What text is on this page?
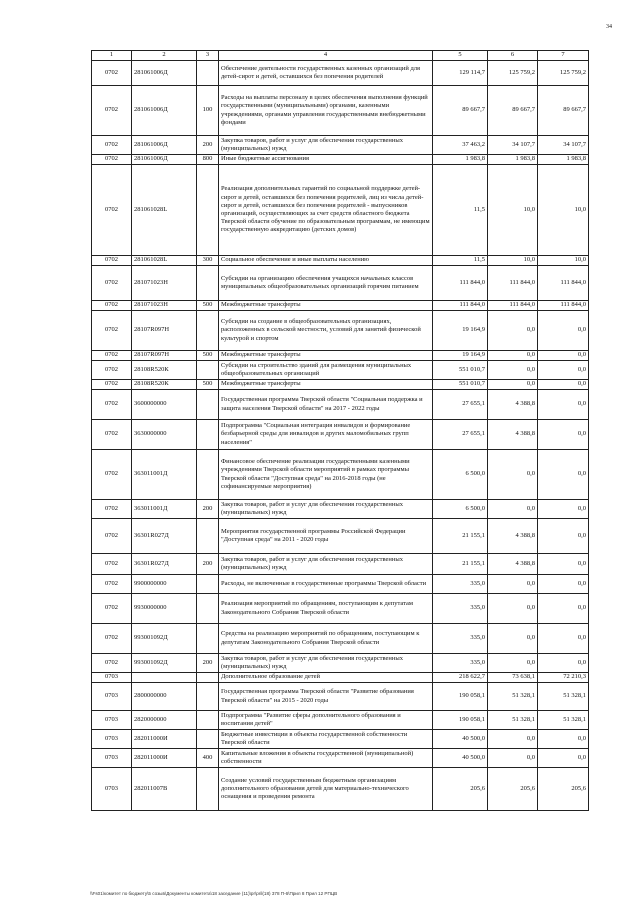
34
1	2	3	4	5	6	7
0702	281061006Д		Обеспечение деятельности государственных казенных организаций для детей-сирот и детей, оставшихся без попечения родителей	129 114,7	125 759,2	125 759,2
0702	281061006Д	100	Расходы на выплаты персоналу в целях обеспечения выполнения функций государственными (муниципальными) органами, казенными учреждениями, органами управления государственными внебюджетными фондами	89 667,7	89 667,7	89 667,7
0702	281061006Д	200	Закупка товаров, работ и услуг для обеспечения государственных (муниципальных) нужд	37 463,2	34 107,7	34 107,7
0702	281061006Д	800	Иные бюджетные ассигнования	1 983,8	1 983,8	1 983,8
0702	281061028L		Реализация дополнительных гарантий по социальной поддержке детей-сирот и детей, оставшихся без попечения родителей, лиц из числа детей-сирот и детей, оставшихся без попечения родителей - выпускников организаций, осуществляющих за счет средств областного бюджета Тверской области обучение по образовательным программам, не имеющим государственную аккредитацию (детских домов)	11,5	10,0	10,0
0702	281061028L	300	Социальное обеспечение и иные выплаты населению	11,5	10,0	10,0
0702	281071023Н		Субсидии на организацию обеспечения учащихся начальных классов муниципальных общеобразовательных организаций горячим питанием	111 844,0	111 844,0	111 844,0
0702	281071023Н	500	Межбюджетные трансферты	111 844,0	111 844,0	111 844,0
0702	28107R097Н		Субсидии на создание в общеобразовательных организациях, расположенных в сельской местности, условий для занятий физической культурой и спортом	19 164,9	0,0	0,0
0702	28107R097Н	500	Межбюджетные трансферты	19 164,9	0,0	0,0
0702	28108R520К		Субсидии на строительство зданий для размещения муниципальных общеобразовательных организаций	551 010,7	0,0	0,0
0702	28108R520К	500	Межбюджетные трансферты	551 010,7	0,0	0,0
0702	3600000000		Государственная программа Тверской области "Социальная поддержка и защита населения Тверской области" на 2017 - 2022 годы	27 655,1	4 388,8	0,0
0702	3630000000		Подпрограмма "Социальная интеграция инвалидов и формирование безбарьерной среды для инвалидов и других маломобильных групп населения"	27 655,1	4 388,8	0,0
0702	363011001Д		Финансовое обеспечение реализации государственными казенными учреждениями Тверской области мероприятий в рамках программы Тверской области "Доступная среда" на 2016-2018 годы (не софинансируемые мероприятия)	6 500,0	0,0	0,0
0702	363011001Д	200	Закупка товаров, работ и услуг для обеспечения государственных (муниципальных) нужд	6 500,0	0,0	0,0
0702	36301R027Д		Мероприятия государственной программы Российской Федерации "Доступная среда" на 2011 - 2020 годы	21 155,1	4 388,8	0,0
0702	36301R027Д	200	Закупка товаров, работ и услуг для обеспечения государственных (муниципальных) нужд	21 155,1	4 388,8	0,0
0702	9900000000		Расходы, не включенные в государственные программы Тверской области	335,0	0,0	0,0
0702	9930000000		Реализация мероприятий по обращениям, поступающим к депутатам Законодательного Собрания Тверской области	335,0	0,0	0,0
0702	993001092Д		Средства на реализацию мероприятий по обращениям, поступающим к депутатам Законодательного Собрания Тверской области	335,0	0,0	0,0
0702	993001092Д	200	Закупка товаров, работ и услуг для обеспечения государственных (муниципальных) нужд	335,0	0,0	0,0
0703			Дополнительное образование детей	218 622,7	73 638,1	72 210,3
0703	2800000000		Государственная программа Тверской области "Развитие образования Тверской области" на 2015 - 2020 годы	190 058,1	51 328,1	51 328,1
0703	2820000000		Подпрограмма "Развитие сферы дополнительного образования и воспитания детей"	190 058,1	51 328,1	51 328,1
0703	282011000И		Бюджетные инвестиции в объекты государственной собственности Тверской области	40 500,0	0,0	0,0
0703	282011000И	400	Капитальные вложения в объекты государственной (муниципальной) собственности	40 500,0	0,0	0,0
0703	282011007В		Создание условий государственным бюджетным организациям дополнительного образования детей для материально-технического оснащения и проведения ремонта	205,6	205,6	205,6
\\Fs01\комитет по бюджету\5 созыв\Документы комитета\18 заседание (11)\pr\pril(18) 378 П-6\Прил 8 Прил 12 РПЦВ
